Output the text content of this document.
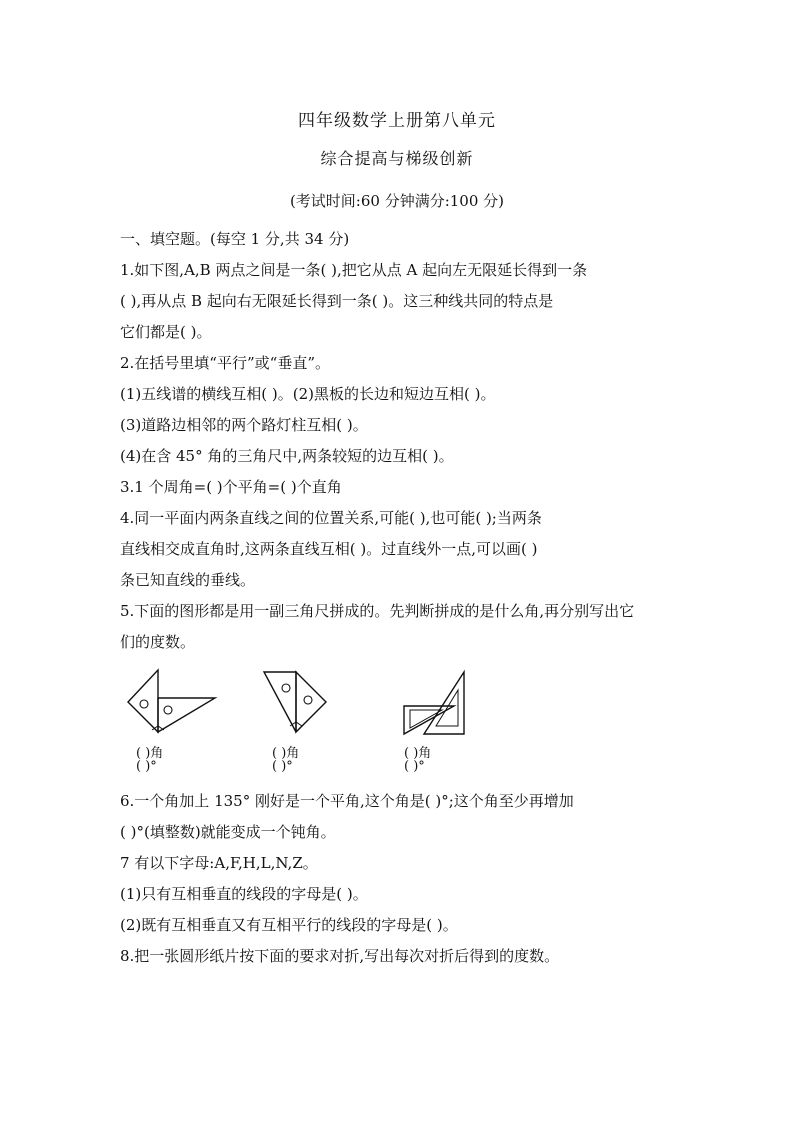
四年级数学上册第八单元
综合提高与梯级创新
(考试时间:60 分钟满分:100 分)
一、填空题。(每空 1 分,共 34 分)
1.如下图,A,B 两点之间是一条( ),把它从点 A 起向左无限延长得到一条
( ),再从点 B 起向右无限延长得到一条( )。这三种线共同的特点是
它们都是( )。
2.在括号里填“平行”或“垂直”。
(1)五线谱的横线互相( )。(2)黑板的长边和短边互相( )。
(3)道路边相邻的两个路灯柱互相( )。
(4)在含 45° 角的三角尺中,两条较短的边互相( )。
3.1 个周角=( )个平角=( )个直角
4.同一平面内两条直线之间的位置关系,可能( ),也可能( );当两条
直线相交成直角时,这两条直线互相( )。过直线外一点,可以画( )
条已知直线的垂线。
5.下面的图形都是用一副三角尺拼成的。先判断拼成的是什么角,再分别写出它
们的度数。
( )角
( )°
( )角
( )°
( )角
( )°
6.一个角加上 135° 刚好是一个平角,这个角是( )°;这个角至少再增加
( )°(填整数)就能变成一个钝角。
7 有以下字母:A,F,H,L,N,Z。
(1)只有互相垂直的线段的字母是( )。
(2)既有互相垂直又有互相平行的线段的字母是( )。
8.把一张圆形纸片按下面的要求对折,写出每次对折后得到的度数。
